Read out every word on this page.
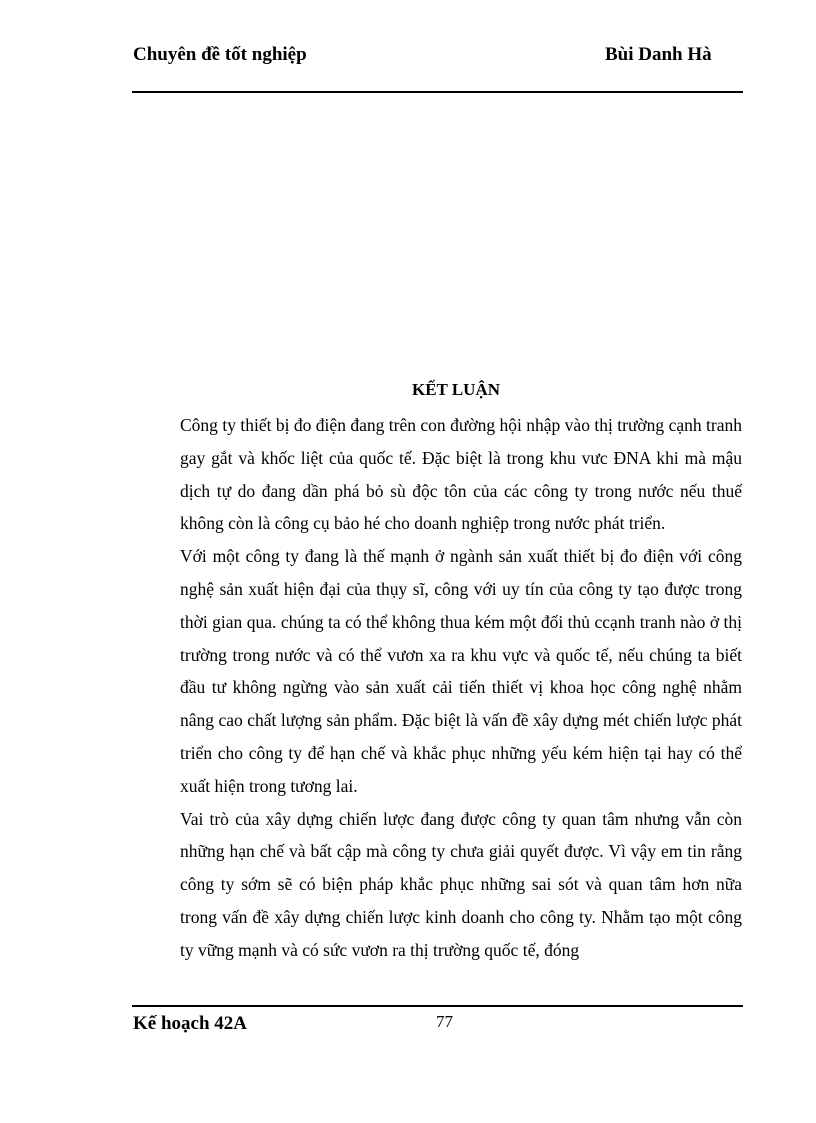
Chuyên đề tốt nghiệp	Bùi Danh Hà
KẾT LUẬN

Công ty thiết bị đo điện đang trên con đường hội nhập vào thị trường cạnh tranh gay gắt và khốc liệt của quốc tế. Đặc biệt là trong khu vưc ĐNA khi mà mậu dịch tự do đang dần phá bỏ sù độc tôn của các công ty trong nước nếu thuế không còn là công cụ bảo hé cho doanh nghiệp trong nước phát triển.

Với một công ty đang là thế mạnh ở ngành sản xuất thiết bị đo điện với công nghệ sản xuất hiện đại của thụy sĩ, công với uy tín của công ty tạo được trong thời gian qua. chúng ta có thể không thua kém một đối thủ ccạnh tranh nào ở thị trường trong nước và có thể vươn xa ra khu vực và quốc tế, nếu chúng ta biết đầu tư không ngừng vào sản xuất cải tiến thiết vị khoa học công nghệ nhằm nâng cao chất lượng sản phẩm. Đặc biệt là vấn đề xây dựng mét chiến lược phát triển cho công ty để hạn chế và khắc phục những yếu kém hiện tại hay có thể xuất hiện trong tương lai.

Vai trò của xây dựng chiến lược đang được công ty quan tâm nhưng vẫn còn những hạn chế và bất cập mà công ty chưa giải quyết được. Vì vậy em tin rằng công ty sớm sẽ có biện pháp khắc phục những sai sót và quan tâm hơn nữa trong vấn đề xây dựng chiến lược kinh doanh cho công ty. Nhằm tạo một công ty vững mạnh và có sức vươn ra thị trường quốc tế, đóng

Kế hoạch 42A	77
